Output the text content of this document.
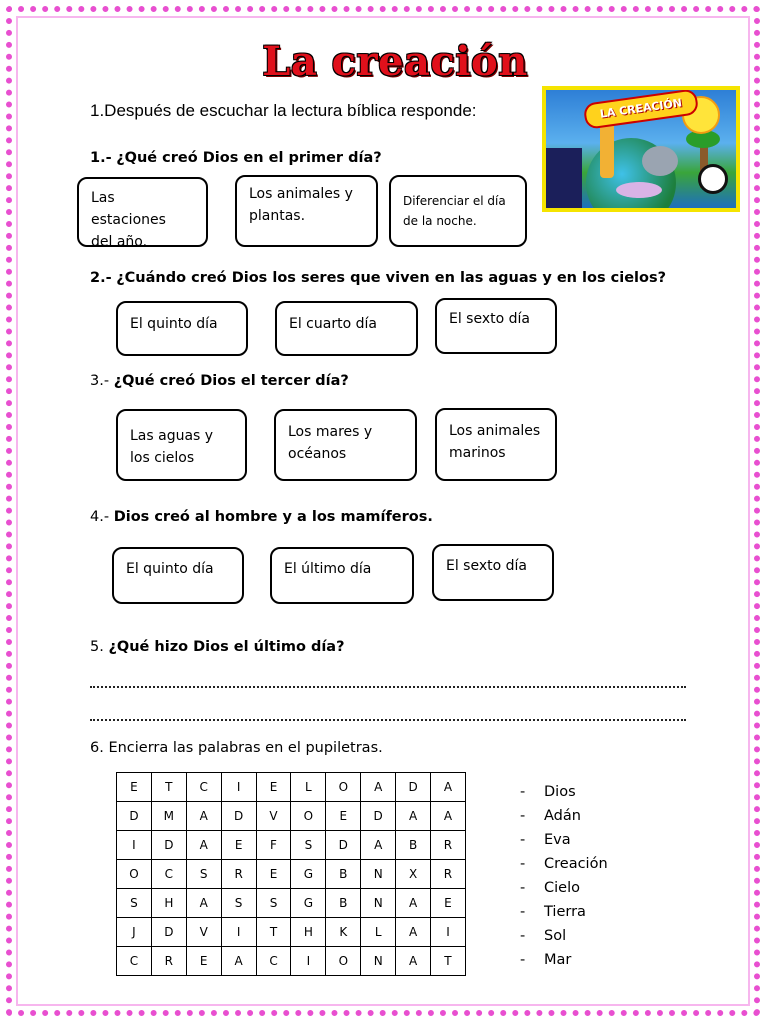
La creación
1.Después de escuchar la lectura bíblica responde:	LA CREACIÓN
1.- ¿Qué creó Dios en el primer día?
Las estaciones
del año.
Los animales y
plantas.
Diferenciar el día
de la noche.
2.- ¿Cuándo creó Dios los seres que viven en las aguas y en los cielos?
El quinto día	El cuarto día	El sexto día
3.- ¿Qué creó Dios el tercer día?
Las aguas y
los cielos
Los mares y
océanos
Los animales
marinos
4.- Dios creó al hombre y a los mamíferos.
El quinto día	El último día	El sexto día
5. ¿Qué hizo Dios el último día?
6. Encierra las palabras en el pupiletras.
E	T	C	I	E	L	O	A	D	A
D	M	A	D	V	O	E	D	A	A
I	D	A	E	F	S	D	A	B	R
O	C	S	R	E	G	B	N	X	R
S	H	A	S	S	G	B	N	A	E
J	D	V	I	T	H	K	L	A	I
C	R	E	A	C	I	O	N	A	T
- Dios
- Adán
- Eva
- Creación
- Cielo
- Tierra
- Sol
- Mar
